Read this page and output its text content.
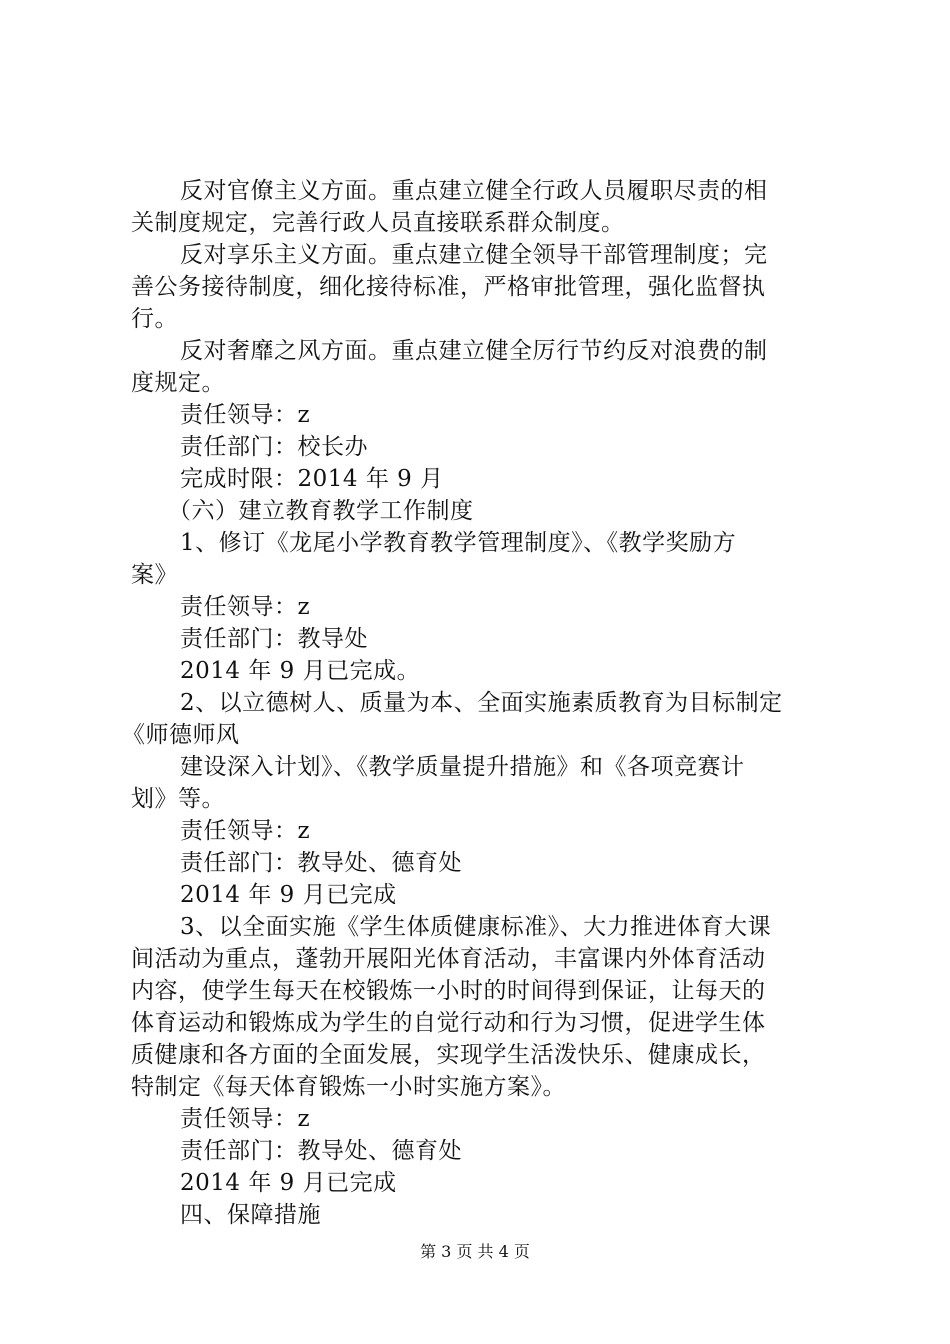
反对官僚主义方面。重点建立健全行政人员履职尽责的相
关制度规定，完善行政人员直接联系群众制度。
反对享乐主义方面。重点建立健全领导干部管理制度；完
善公务接待制度，细化接待标准，严格审批管理，强化监督执
行。
反对奢靡之风方面。重点建立健全厉行节约反对浪费的制
度规定。
责任领导：z
责任部门：校长办
完成时限：2014 年 9 月
（六）建立教育教学工作制度
1、修订《龙尾小学教育教学管理制度》、《教学奖励方
案》
责任领导：z
责任部门：教导处
2014 年 9 月已完成。
2、以立德树人、质量为本、全面实施素质教育为目标制定
《师德师风
建设深入计划》、《教学质量提升措施》和《各项竞赛计
划》等。
责任领导：z
责任部门：教导处、德育处
2014 年 9 月已完成
3、以全面实施《学生体质健康标准》、大力推进体育大课
间活动为重点，蓬勃开展阳光体育活动，丰富课内外体育活动
内容，使学生每天在校锻炼一小时的时间得到保证，让每天的
体育运动和锻炼成为学生的自觉行动和行为习惯，促进学生体
质健康和各方面的全面发展，实现学生活泼快乐、健康成长，
特制定《每天体育锻炼一小时实施方案》。
责任领导：z
责任部门：教导处、德育处
2014 年 9 月已完成
四、保障措施
第 3 页 共 4 页
